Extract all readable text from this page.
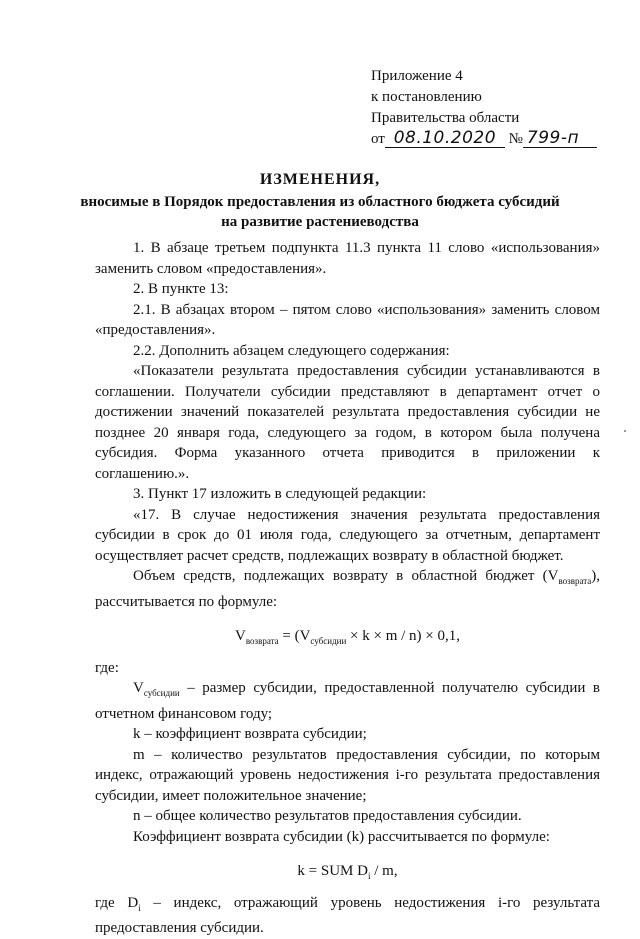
Приложение 4
к постановлению
Правительства области
от 08.10.2020 № 799-п
ИЗМЕНЕНИЯ,
вносимые в Порядок предоставления из областного бюджета субсидий
на развитие растениеводства

1. В абзаце третьем подпункта 11.3 пункта 11 слово «использования» заменить словом «предоставления».

2. В пункте 13:

2.1. В абзацах втором – пятом слово «использования» заменить словом «предоставления».

2.2. Дополнить абзацем следующего содержания:

«Показатели результата предоставления субсидии устанавливаются в соглашении. Получатели субсидии представляют в департамент отчет о достижении значений показателей результата предоставления субсидии не позднее 20 января года, следующего за годом, в котором была получена субсидия. Форма указанного отчета приводится в приложении к соглашению.».

3. Пункт 17 изложить в следующей редакции:

«17. В случае недостижения значения результата предоставления субсидии в срок до 01 июля года, следующего за отчетным, департамент осуществляет расчет средств, подлежащих возврату в областной бюджет.

Объем средств, подлежащих возврату в областной бюджет $(V_{возврата})$, рассчитывается по формуле:

$V_{возврата} = (V_{субсидии} \times k \times m / n) \times 0,1$,

где:

$V_{субсидии}$ – размер субсидии, предоставленной получателю субсидии в отчетном финансовом году;

k – коэффициент возврата субсидии;

m – количество результатов предоставления субсидии, по которым индекс, отражающий уровень недостижения i-го результата предоставления субсидии, имеет положительное значение;

n – общее количество результатов предоставления субсидии.

Коэффициент возврата субсидии (k) рассчитывается по формуле:

k = SUM $D_i$ / m,

где $D_i$ – индекс, отражающий уровень недостижения i-го результата предоставления субсидии.
